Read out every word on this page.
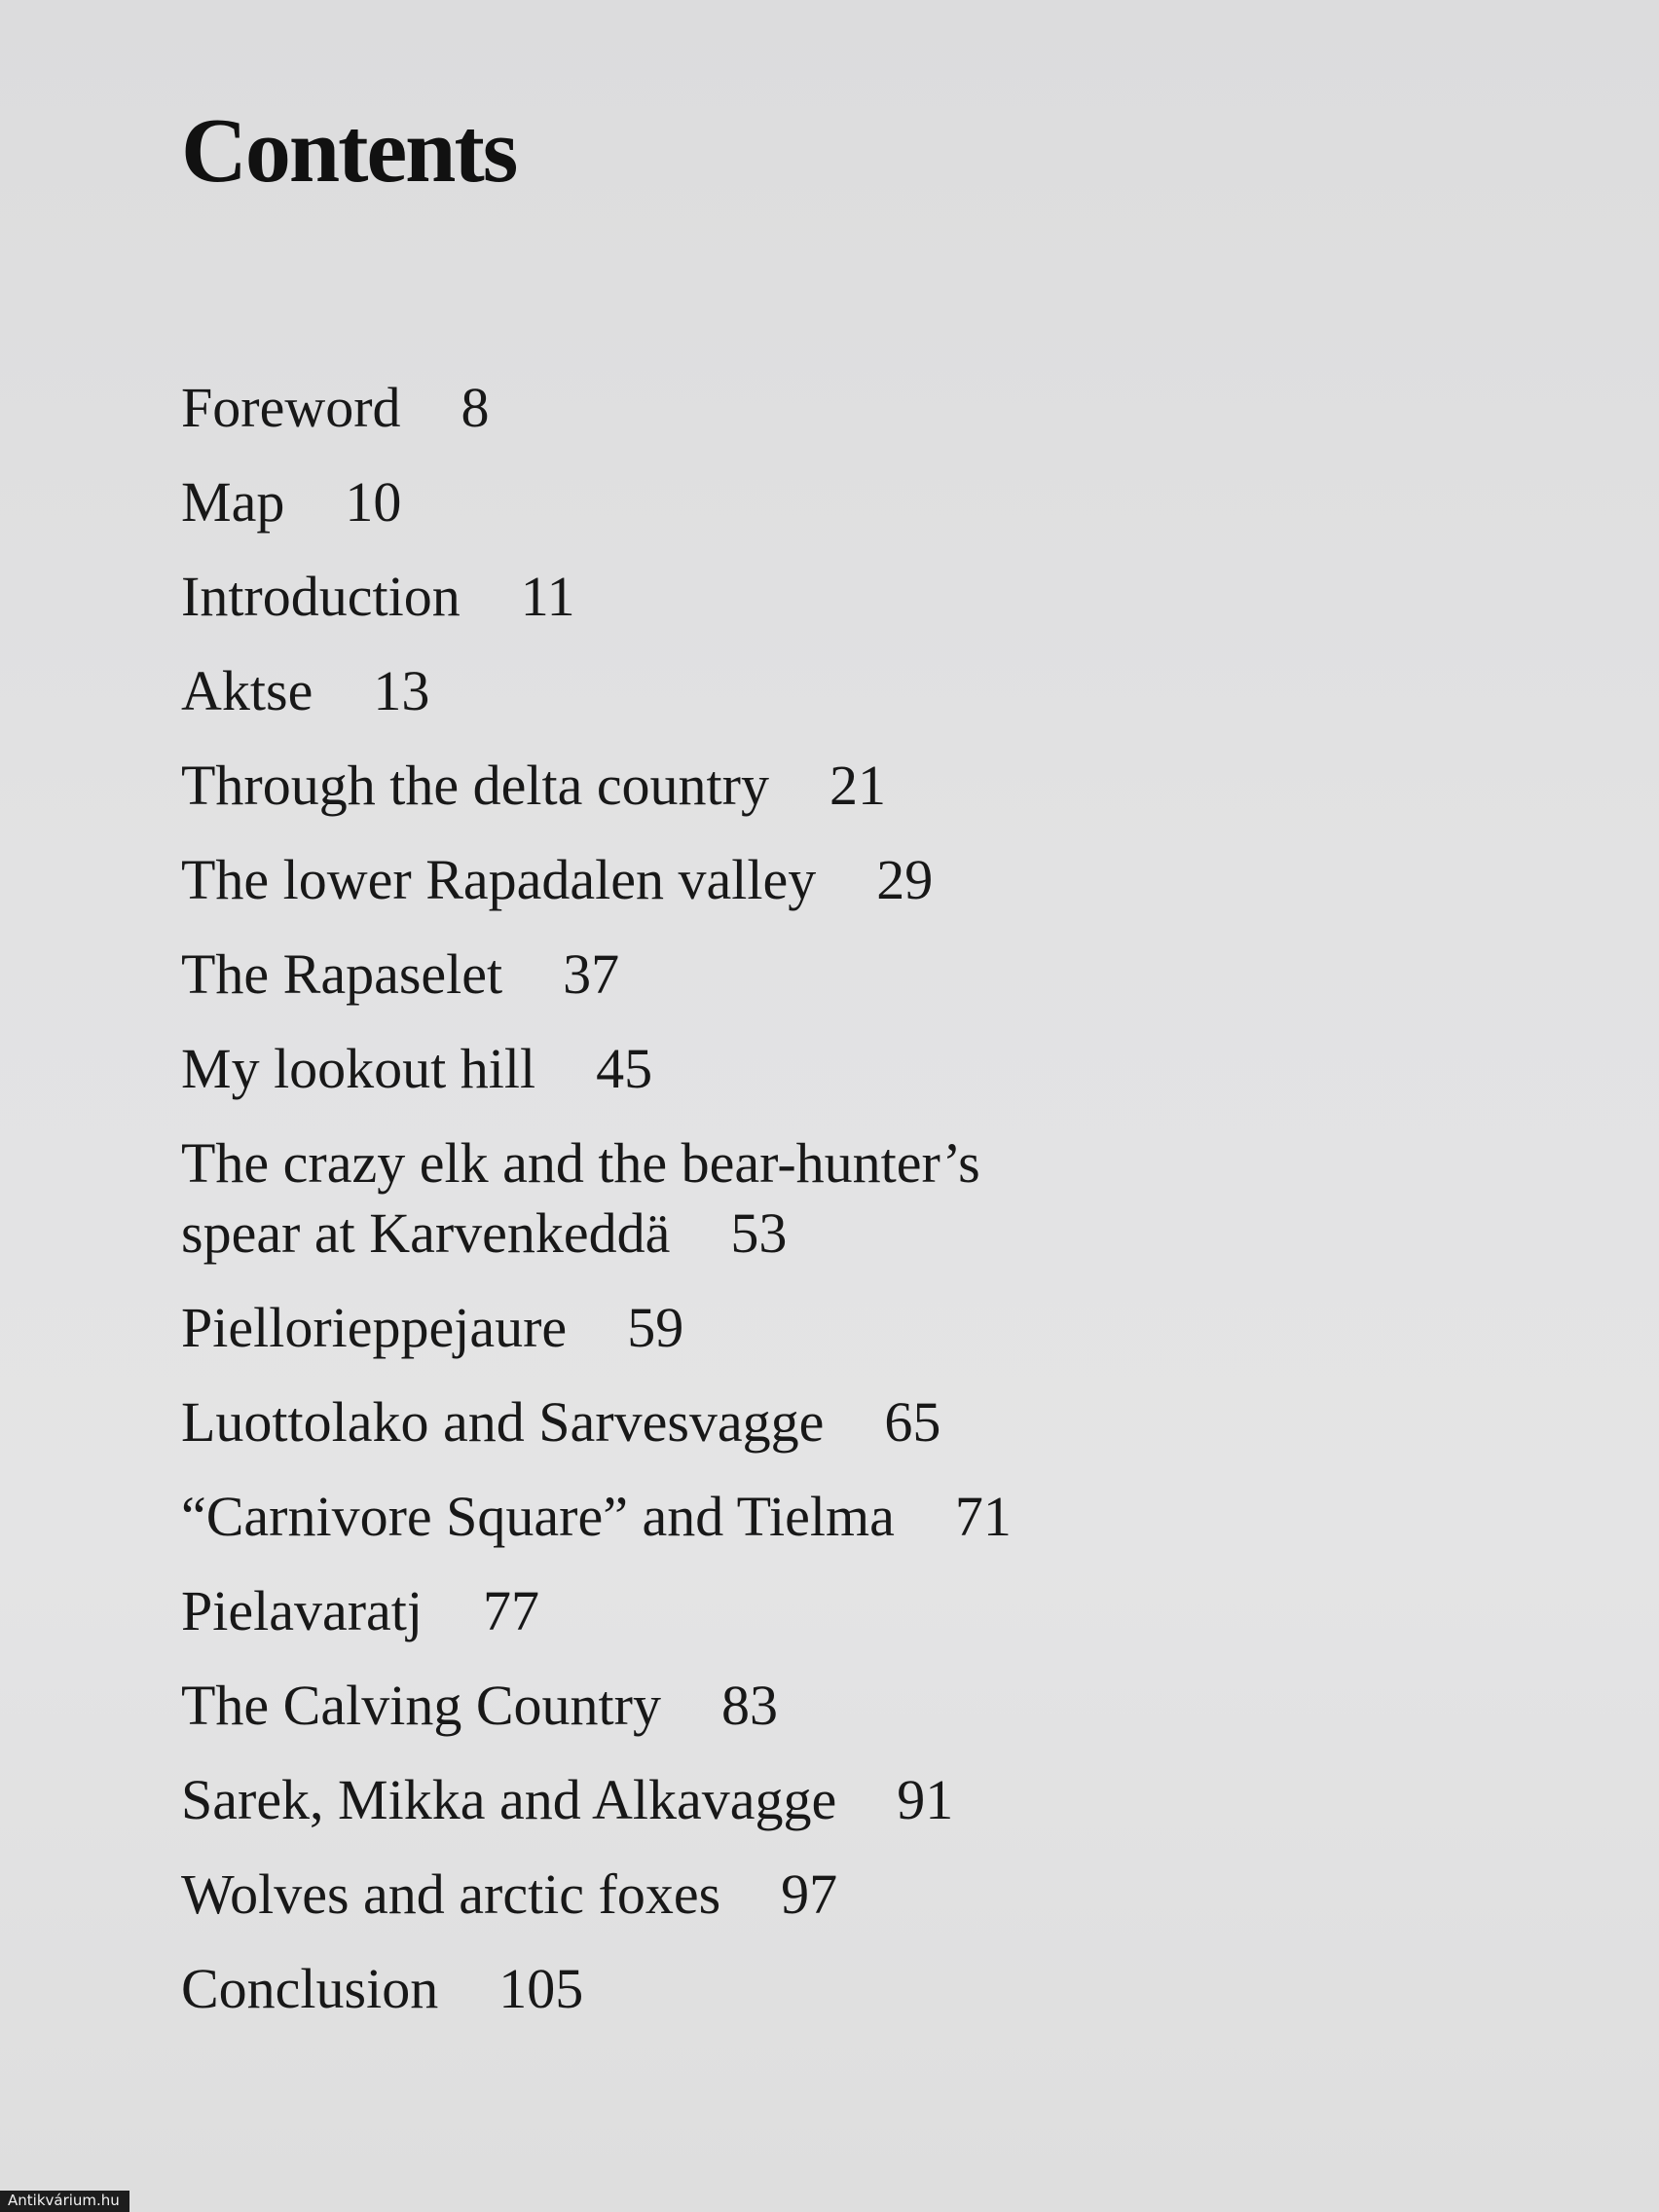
Contents
Foreword 8
Map 10
Introduction 11
Aktse 13
Through the delta country 21
The lower Rapadalen valley 29
The Rapaselet 37
My lookout hill 45
The crazy elk and the bear-hunter’s
spear at Karvenkeddä 53
Piellorieppejaure 59
Luottolako and Sarvesvagge 65
“Carnivore Square” and Tielma 71
Pielavaratj 77
The Calving Country 83
Sarek, Mikka and Alkavagge 91
Wolves and arctic foxes 97
Conclusion 105
Antikvárium.hu
